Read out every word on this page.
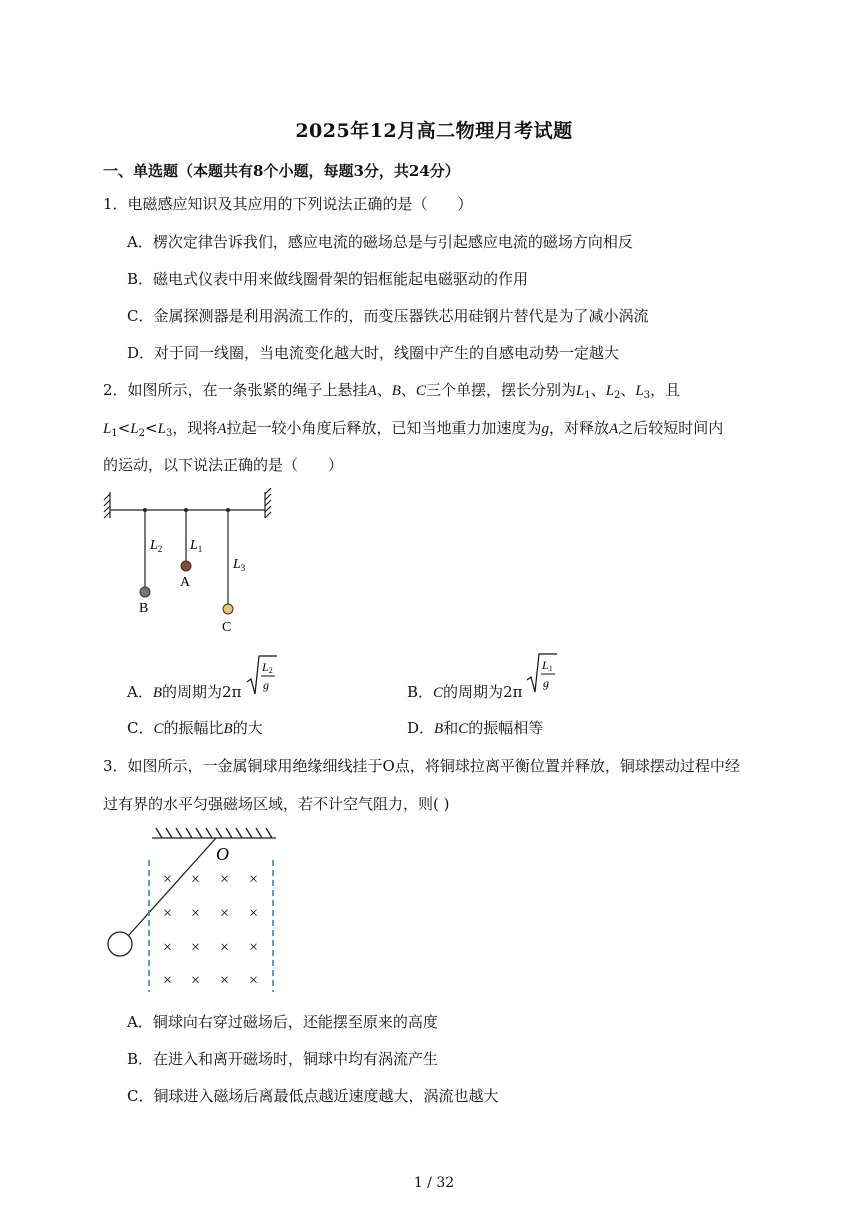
2025年12月高二物理月考试题
一、单选题（本题共有8个小题，每题3分，共24分）
1．电磁感应知识及其应用的下列说法正确的是（　　）
A．楞次定律告诉我们，感应电流的磁场总是与引起感应电流的磁场方向相反
B．磁电式仪表中用来做线圈骨架的铝框能起电磁驱动的作用
C．金属探测器是利用涡流工作的，而变压器铁芯用硅钢片替代是为了减小涡流
D．对于同一线圈，当电流变化越大时，线圈中产生的自感电动势一定越大
2．如图所示，在一条张紧的绳子上悬挂A、B、C三个单摆，摆长分别为$L_1$、$L_2$、$L_3$，且
$L_1<L_2<L_3$，现将A拉起一较小角度后释放，已知当地重力加速度为g，对释放A之后较短时间内
的运动，以下说法正确的是（　　）
$L_2$ $L_1$
$L_3$
A
B
C
A．B的周期为2π
L2
g	B．C的周期为2π
L1
g
C．C的振幅比B的大	D．B和C的振幅相等
3．如图所示，一金属铜球用绝缘细线挂于O点，将铜球拉离平衡位置并释放，铜球摆动过程中经
过有界的水平匀强磁场区域，若不计空气阻力，则( )
O
× × × ×
× × × ×
× × × ×
× × × ×
A．铜球向右穿过磁场后，还能摆至原来的高度
B．在进入和离开磁场时，铜球中均有涡流产生
C．铜球进入磁场后离最低点越近速度越大，涡流也越大
1 / 32
